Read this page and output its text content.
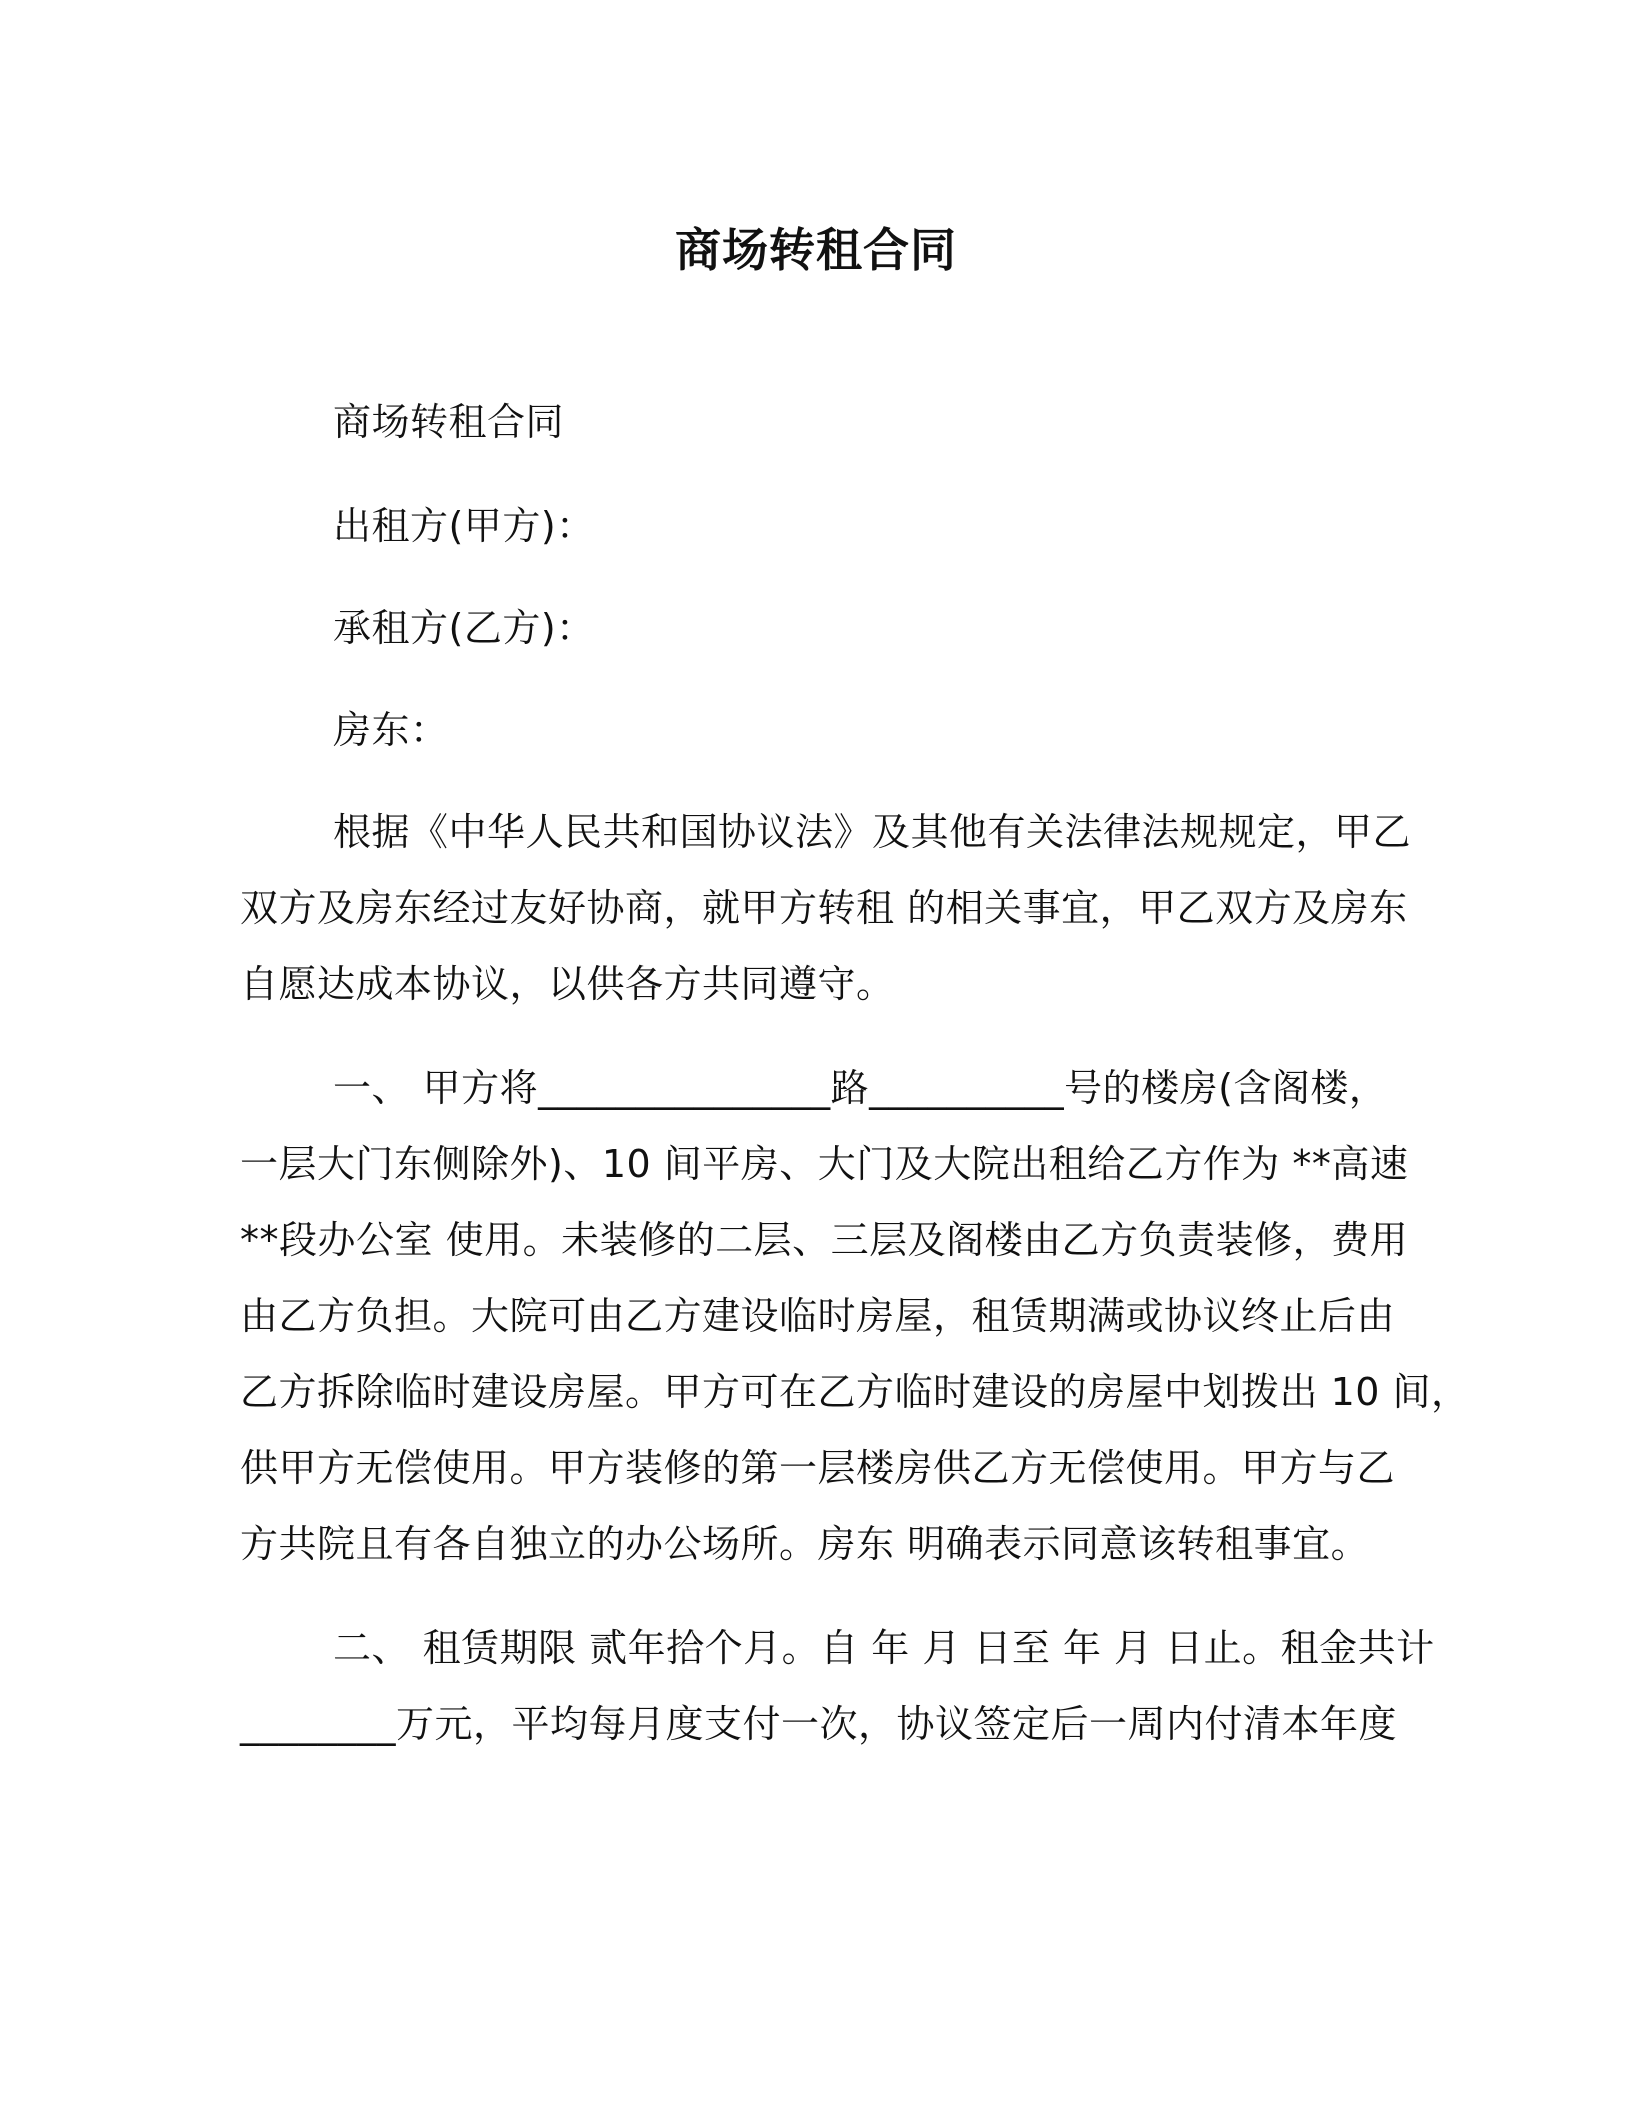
商场转租合同
商场转租合同
出租方(甲方)：
承租方(乙方)：
房东：
根据《中华人民共和国协议法》及其他有关法律法规规定，甲乙
双方及房东经过友好协商，就甲方转租 的相关事宜，甲乙双方及房东
自愿达成本协议，以供各方共同遵守。
一、 甲方将_______________路__________号的楼房(含阁楼，
一层大门东侧除外)、10 间平房、大门及大院出租给乙方作为 **高速
**段办公室 使用。未装修的二层、三层及阁楼由乙方负责装修，费用
由乙方负担。大院可由乙方建设临时房屋，租赁期满或协议终止后由
乙方拆除临时建设房屋。甲方可在乙方临时建设的房屋中划拨出 10 间，
供甲方无偿使用。甲方装修的第一层楼房供乙方无偿使用。甲方与乙
方共院且有各自独立的办公场所。房东 明确表示同意该转租事宜。
二、 租赁期限 贰年拾个月。自 年 月 日至 年 月 日止。租金共计
________万元，平均每月度支付一次，协议签定后一周内付清本年度
